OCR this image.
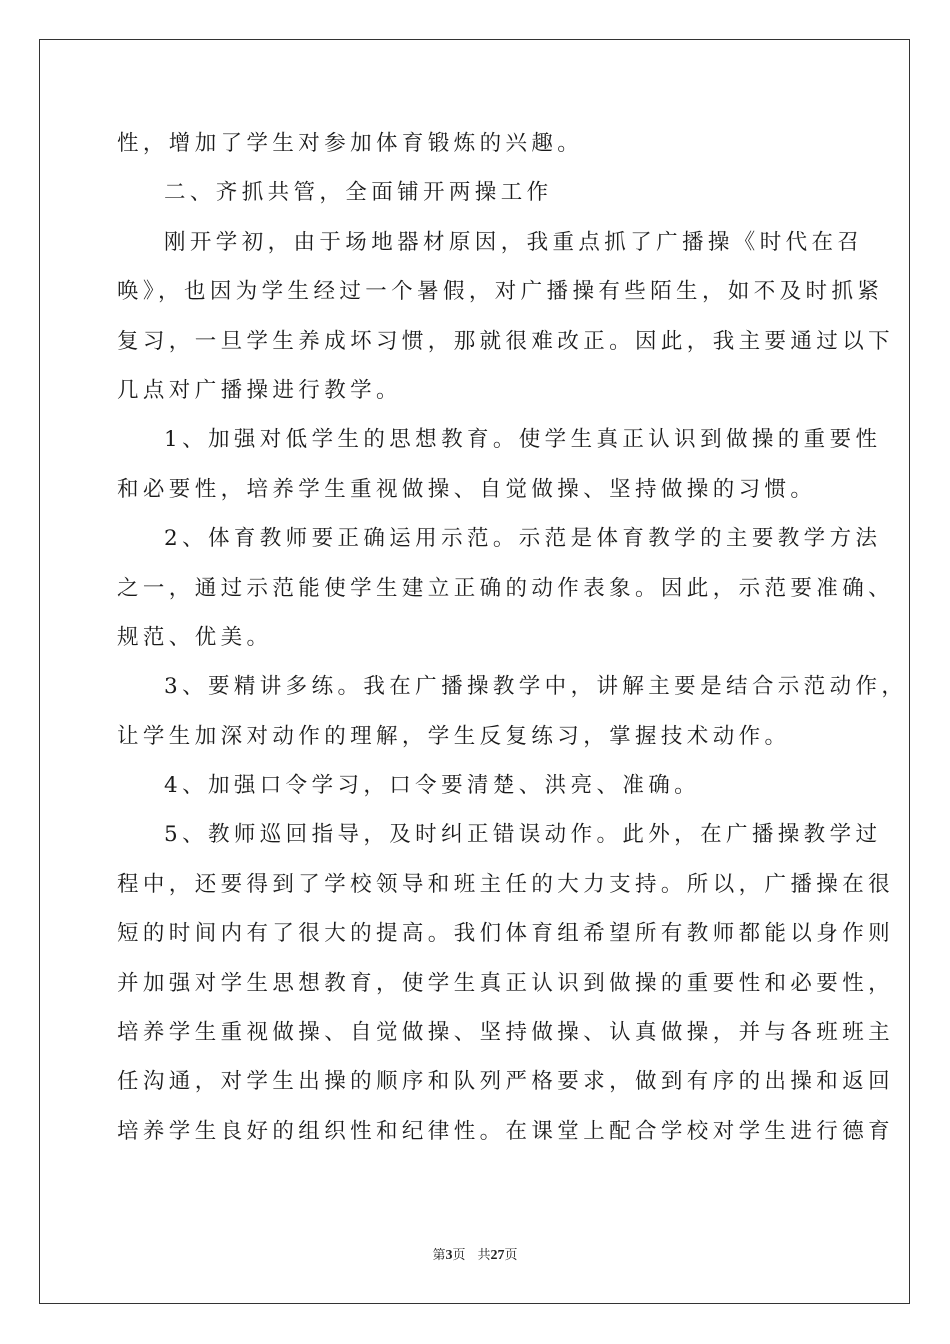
性，增加了学生对参加体育锻炼的兴趣。
二、齐抓共管，全面铺开两操工作
刚开学初，由于场地器材原因，我重点抓了广播操《时代在召
唤》，也因为学生经过一个暑假，对广播操有些陌生，如不及时抓紧
复习，一旦学生养成坏习惯，那就很难改正。因此，我主要通过以下
几点对广播操进行教学。
1、加强对低学生的思想教育。使学生真正认识到做操的重要性
和必要性，培养学生重视做操、自觉做操、坚持做操的习惯。
2、体育教师要正确运用示范。示范是体育教学的主要教学方法
之一，通过示范能使学生建立正确的动作表象。因此，示范要准确、
规范、优美。
3、要精讲多练。我在广播操教学中，讲解主要是结合示范动作，
让学生加深对动作的理解，学生反复练习，掌握技术动作。
4、加强口令学习，口令要清楚、洪亮、准确。
5、教师巡回指导，及时纠正错误动作。此外，在广播操教学过
程中，还要得到了学校领导和班主任的大力支持。所以，广播操在很
短的时间内有了很大的提高。我们体育组希望所有教师都能以身作则
并加强对学生思想教育，使学生真正认识到做操的重要性和必要性，
培养学生重视做操、自觉做操、坚持做操、认真做操，并与各班班主
任沟通，对学生出操的顺序和队列严格要求，做到有序的出操和返回
培养学生良好的组织性和纪律性。在课堂上配合学校对学生进行德育
第3页 共27页
